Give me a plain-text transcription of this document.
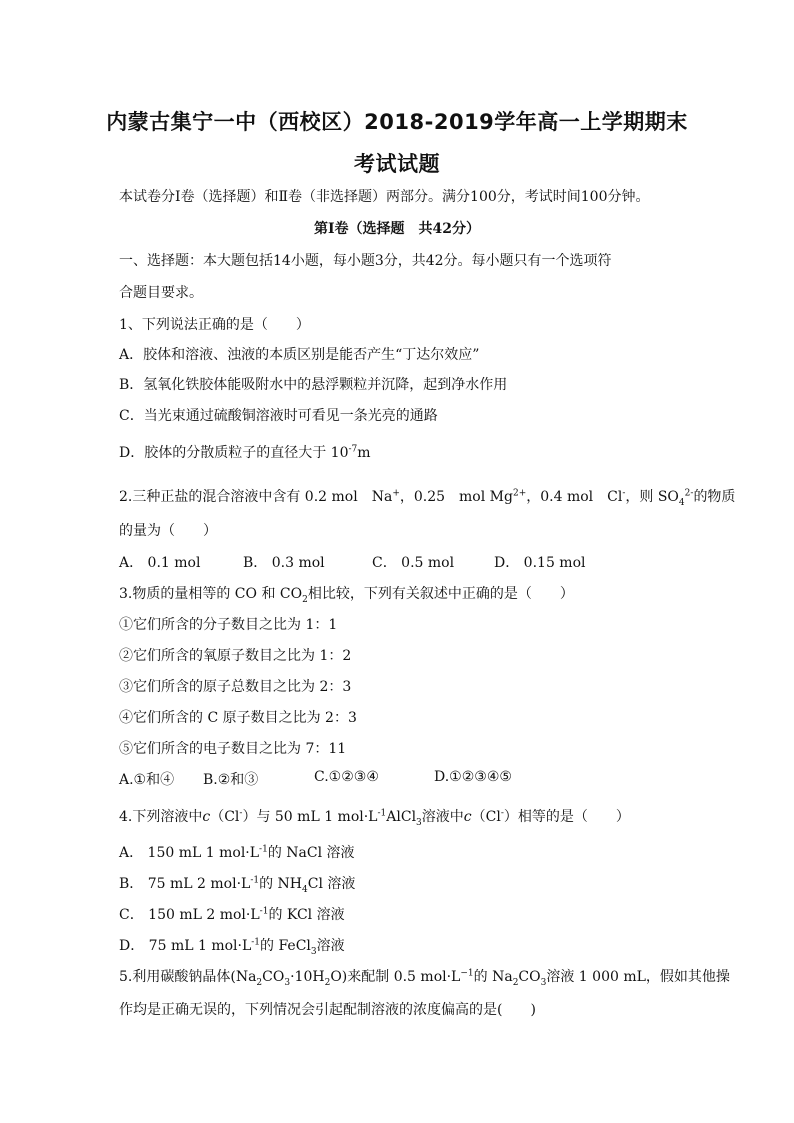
内蒙古集宁一中（西校区）2018-2019学年高一上学期期末
考试试题
本试卷分Ⅰ卷（选择题）和Ⅱ卷（非选择题）两部分。满分100分，考试时间100分钟。
第Ⅰ卷（选择题　共42分）
一、选择题：本大题包括14小题，每小题3分，共42分。每小题只有一个选项符
合题目要求。
1、下列说法正确的是（　　）
A．胶体和溶液、浊液的本质区别是能否产生“丁达尔效应”
B．氢氧化铁胶体能吸附水中的悬浮颗粒并沉降，起到净水作用
C．当光束通过硫酸铜溶液时可看见一条光亮的通路
D．胶体的分散质粒子的直径大于 $10^{-7}m$
2.三种正盐的混合溶液中含有 0.2 mol　Na+，0.25　mol $Mg^{2+}$，0.4 mol　Cl-，则 $SO_4^{2-}$的物质
的量为（　　）
A． 0.1 mol	B． 0.3 mol	C． 0.5 mol	D． 0.15 mol
3.物质的量相等的 CO 和 $CO_2$相比较，下列有关叙述中正确的是（　　）
①它们所含的分子数目之比为 1：1
②它们所含的氧原子数目之比为 1：2
③它们所含的原子总数目之比为 2：3
④它们所含的 C 原子数目之比为 2：3
⑤它们所含的电子数目之比为 7：11
A.①和④ B.②和③	C.①②③④	D.①②③④⑤
4.下列溶液中c（Cl-）与 50 mL 1 $mol\cdot L^{-1}AlCl_3$溶液中c（Cl-）相等的是（　　）
A． 150 mL 1 $mol\cdot L^{-1}$的 NaCl 溶液
B． 75 mL 2 $mol\cdot L^{-1}$的 $NH_4Cl$ 溶液
C． 150 mL 2 $mol\cdot L^{-1}$的 KCl 溶液
D． 75 mL 1 $mol\cdot L^{-1}$的 FeCl$_3$溶液
5.利用碳酸钠晶体$(Na_2CO_3\cdot 10H_2O)$来配制 0.5 $mol\cdot L^{-1}$的 $Na_2CO_3$溶液 1 000 mL，假如其他操
作均是正确无误的，下列情况会引起配制溶液的浓度偏高的是(　　)
